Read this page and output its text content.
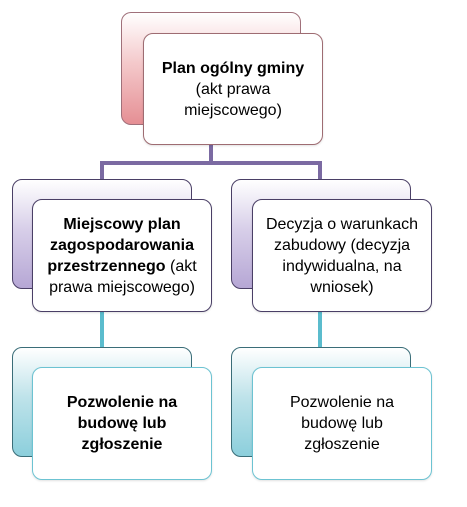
Plan ogólny gminy
(akt prawa miejscowego)
Miejscowy plan zagospodarowania przestrzennego (akt prawa miejscowego)
Decyzja o warunkach zabudowy (decyzja indywidualna, na wniosek)
Pozwolenie na budowę lub zgłoszenie
Pozwolenie na budowę lub zgłoszenie
